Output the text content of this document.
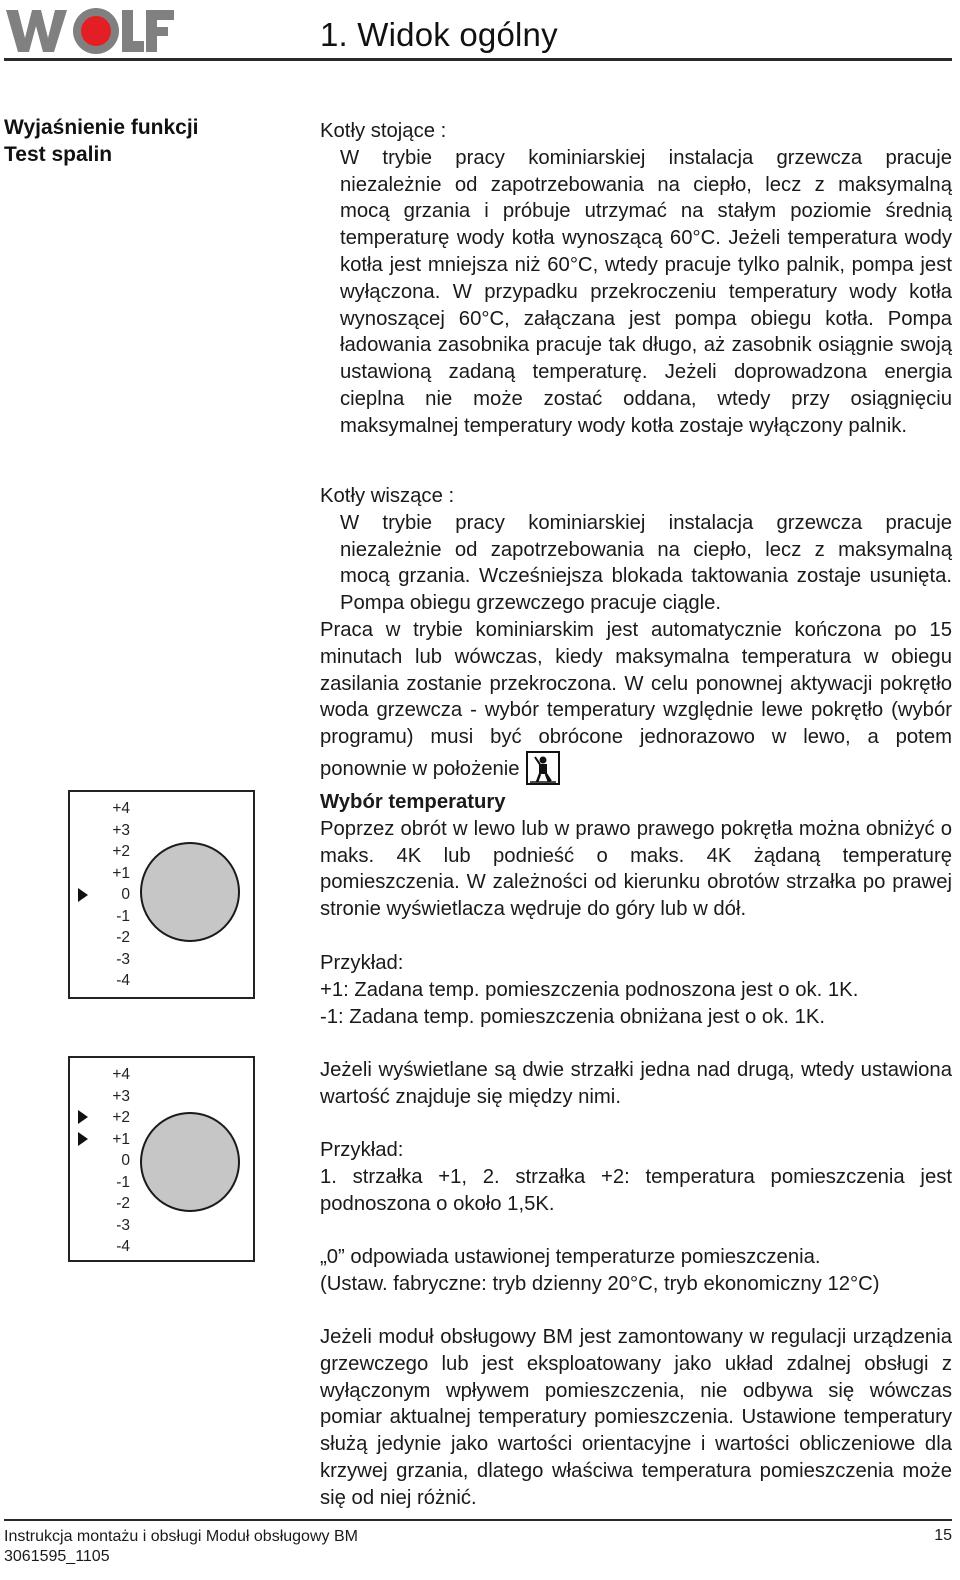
1. Widok ogólny
Wyjaśnienie funkcji
Test spalin

Kotły stojące :

W trybie pracy kominiarskiej instalacja grzewcza pracuje niezależnie od zapotrzebowania na ciepło, lecz z maksymalną mocą grzania i próbuje utrzymać na stałym poziomie średnią temperaturę wody kotła wynoszącą 60°C. Jeżeli temperatura wody kotła jest mniejsza niż 60°C, wtedy pracuje tylko palnik, pompa jest wyłączona. W przypadku przekroczeniu temperatury wody kotła wynoszącej 60°C, załączana jest pompa obiegu kotła. Pompa ładowania zasobnika pracuje tak długo, aż zasobnik osiągnie swoją ustawioną zadaną temperaturę. Jeżeli doprowadzona energia cieplna nie może zostać oddana, wtedy przy osiągnięciu maksymalnej temperatury wody kotła zostaje wyłączony palnik.

Kotły wiszące :

W trybie pracy kominiarskiej instalacja grzewcza pracuje niezależnie od zapotrzebowania na ciepło, lecz z maksymalną mocą grzania. Wcześniejsza blokada taktowania zostaje usunięta. Pompa obiegu grzewczego pracuje ciągle.

Praca w trybie kominiarskim jest automatycznie kończona po 15 minutach lub wówczas, kiedy maksymalna temperatura w obiegu zasilania zostanie przekroczona. W celu ponownej aktywacji pokrętło woda grzewcza - wybór temperatury względnie lewe pokrętło (wybór programu) musi być obrócone jednorazowo w lewo, a potem ponownie w położenie

Wybór temperatury

Poprzez obrót w lewo lub w prawo prawego pokrętła można obniżyć o maks. 4K lub podnieść o maks. 4K żądaną temperaturę pomieszczenia. W zależności od kierunku obrotów strzałka po prawej stronie wyświetlacza wędruje do góry lub w dół.

Przykład:

+1: Zadana temp. pomieszczenia podnoszona jest o ok. 1K.

-1: Zadana temp. pomieszczenia obniżana jest o ok. 1K.

Jeżeli wyświetlane są dwie strzałki jedna nad drugą, wtedy ustawiona wartość znajduje się między nimi.

Przykład:

1. strzałka +1, 2. strzałka +2: temperatura pomieszczenia jest podnoszona o około 1,5K.

„0” odpowiada ustawionej temperaturze pomieszczenia.

(Ustaw. fabryczne: tryb dzienny 20°C, tryb ekonomiczny 12°C)

Jeżeli moduł obsługowy BM jest zamontowany w regulacji urządzenia grzewczego lub jest eksploatowany jako układ zdalnej obsługi z wyłączonym wpływem pomieszczenia, nie odbywa się wówczas pomiar aktualnej temperatury pomieszczenia. Ustawione temperatury służą jedynie jako wartości orientacyjne i wartości obliczeniowe dla krzywej grzania, dlatego właściwa temperatura pomieszczenia może się od niej różnić.

+4
+3
+2
+1
0
-1
-2
-3
-4
+4
+3
+2
+1
0
-1
-2
-3
-4
Instrukcja montażu i obsługi Moduł obsługowy BM
3061595_1105
15
